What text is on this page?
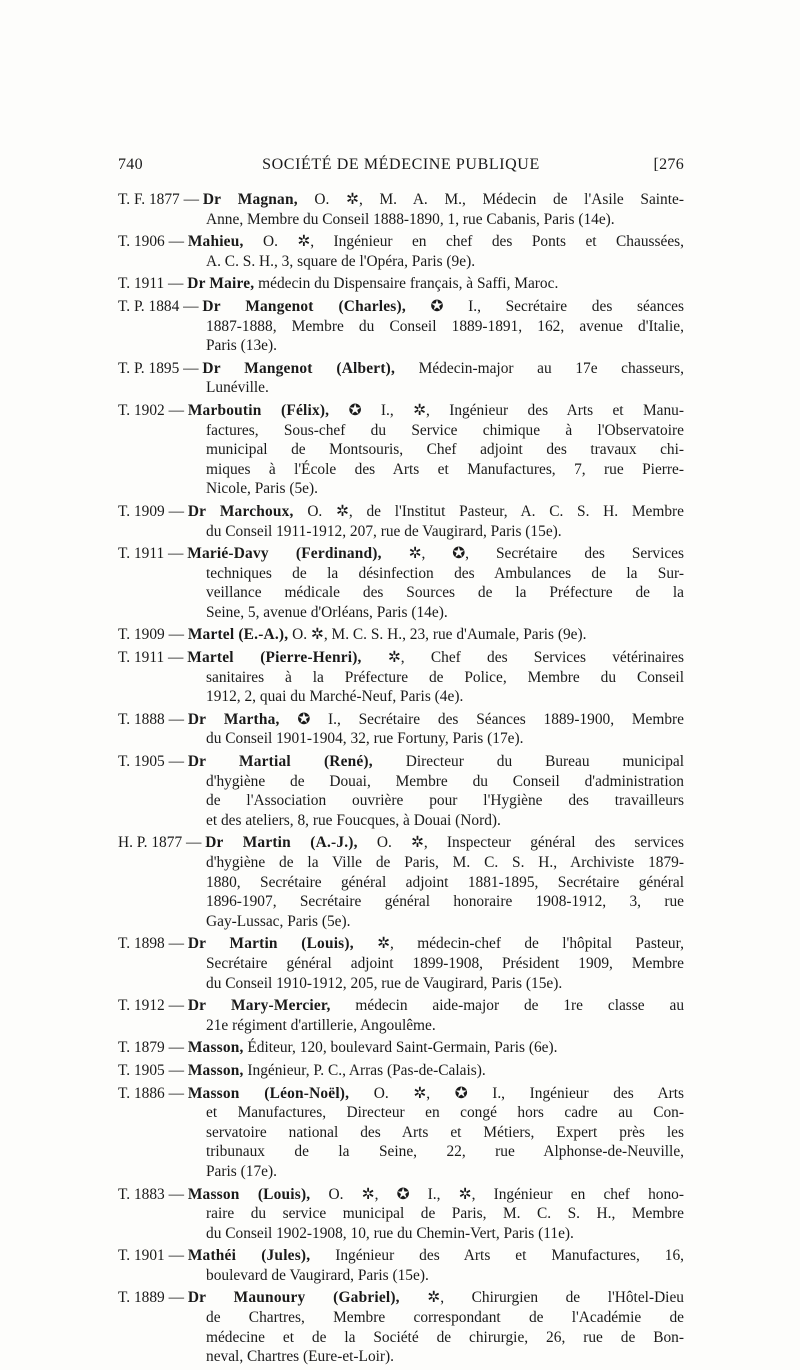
740	SOCIÉTÉ DE MÉDECINE PUBLIQUE	[276
T. F. 1877 — Dr Magnan, O. ✲, M. A. M., Médecin de l'Asile Sainte-
Anne, Membre du Conseil 1888-1890, 1, rue Cabanis, Paris (14e).
T. 1906 — Mahieu, O. ✲, Ingénieur en chef des Ponts et Chaussées,
A. C. S. H., 3, square de l'Opéra, Paris (9e).
T. 1911 — Dr Maire, médecin du Dispensaire français, à Saffi, Maroc.
T. P. 1884 — Dr Mangenot (Charles), ✪ I., Secrétaire des séances
1887-1888, Membre du Conseil 1889-1891, 162, avenue d'Italie,
Paris (13e).
T. P. 1895 — Dr Mangenot (Albert), Médecin-major au 17e chasseurs,
Lunéville.
T. 1902 — Marboutin (Félix), ✪ I., ✲, Ingénieur des Arts et Manu-
factures, Sous-chef du Service chimique à l'Observatoire
municipal de Montsouris, Chef adjoint des travaux chi-
miques à l'École des Arts et Manufactures, 7, rue Pierre-
Nicole, Paris (5e).
T. 1909 — Dr Marchoux, O. ✲, de l'Institut Pasteur, A. C. S. H. Membre
du Conseil 1911-1912, 207, rue de Vaugirard, Paris (15e).
T. 1911 — Marié-Davy (Ferdinand), ✲, ✪, Secrétaire des Services
techniques de la désinfection des Ambulances de la Sur-
veillance médicale des Sources de la Préfecture de la
Seine, 5, avenue d'Orléans, Paris (14e).
T. 1909 — Martel (E.-A.), O. ✲, M. C. S. H., 23, rue d'Aumale, Paris (9e).
T. 1911 — Martel (Pierre-Henri), ✲, Chef des Services vétérinaires
sanitaires à la Préfecture de Police, Membre du Conseil
1912, 2, quai du Marché-Neuf, Paris (4e).
T. 1888 — Dr Martha, ✪ I., Secrétaire des Séances 1889-1900, Membre
du Conseil 1901-1904, 32, rue Fortuny, Paris (17e).
T. 1905 — Dr Martial (René), Directeur du Bureau municipal
d'hygiène de Douai, Membre du Conseil d'administration
de l'Association ouvrière pour l'Hygiène des travailleurs
et des ateliers, 8, rue Foucques, à Douai (Nord).
H. P. 1877 — Dr Martin (A.-J.), O. ✲, Inspecteur général des services
d'hygiène de la Ville de Paris, M. C. S. H., Archiviste 1879-
1880, Secrétaire général adjoint 1881-1895, Secrétaire général
1896-1907, Secrétaire général honoraire 1908-1912, 3, rue
Gay-Lussac, Paris (5e).
T. 1898 — Dr Martin (Louis), ✲, médecin-chef de l'hôpital Pasteur,
Secrétaire général adjoint 1899-1908, Président 1909, Membre
du Conseil 1910-1912, 205, rue de Vaugirard, Paris (15e).
T. 1912 — Dr Mary-Mercier, médecin aide-major de 1re classe au
21e régiment d'artillerie, Angoulême.
T. 1879 — Masson, Éditeur, 120, boulevard Saint-Germain, Paris (6e).
T. 1905 — Masson, Ingénieur, P. C., Arras (Pas-de-Calais).
T. 1886 — Masson (Léon-Noël), O. ✲, ✪ I., Ingénieur des Arts
et Manufactures, Directeur en congé hors cadre au Con-
servatoire national des Arts et Métiers, Expert près les
tribunaux de la Seine, 22, rue Alphonse-de-Neuville,
Paris (17e).
T. 1883 — Masson (Louis), O. ✲, ✪ I., ✲, Ingénieur en chef hono-
raire du service municipal de Paris, M. C. S. H., Membre
du Conseil 1902-1908, 10, rue du Chemin-Vert, Paris (11e).
T. 1901 — Mathéi (Jules), Ingénieur des Arts et Manufactures, 16,
boulevard de Vaugirard, Paris (15e).
T. 1889 — Dr Maunoury (Gabriel), ✲, Chirurgien de l'Hôtel-Dieu
de Chartres, Membre correspondant de l'Académie de
médecine et de la Société de chirurgie, 26, rue de Bon-
neval, Chartres (Eure-et-Loir).
